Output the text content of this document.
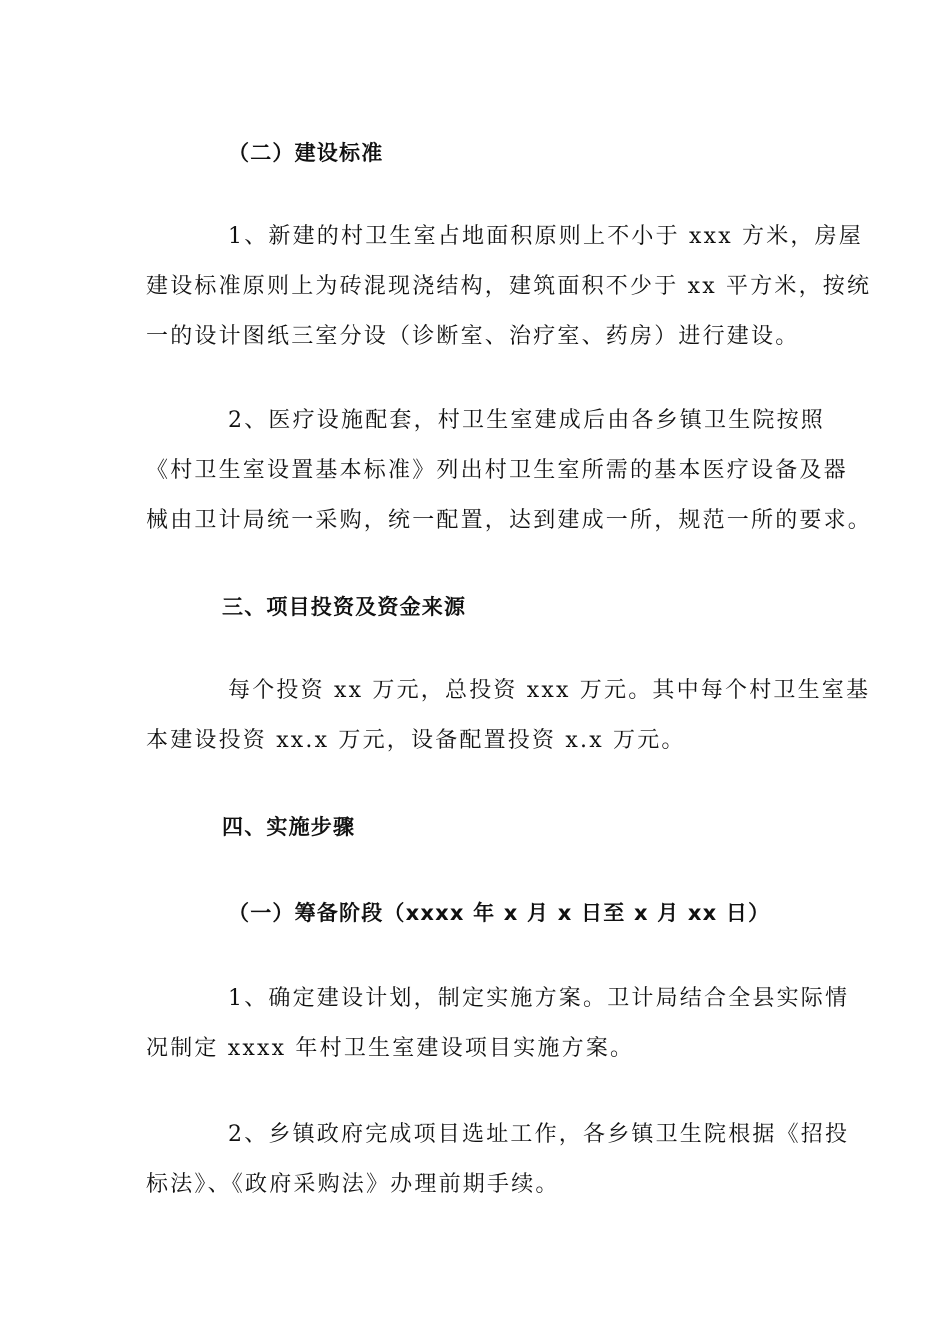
（二）建设标准
1、新建的村卫生室占地面积原则上不小于 xxx 方米，房屋
建设标准原则上为砖混现浇结构，建筑面积不少于 xx 平方米，按统
一的设计图纸三室分设（诊断室、治疗室、药房）进行建设。
2、医疗设施配套，村卫生室建成后由各乡镇卫生院按照
《村卫生室设置基本标准》列出村卫生室所需的基本医疗设备及器
械由卫计局统一采购，统一配置，达到建成一所，规范一所的要求。
三、项目投资及资金来源
每个投资 xx 万元，总投资 xxx 万元。其中每个村卫生室基
本建设投资 xx.x 万元，设备配置投资 x.x 万元。
四、实施步骤
（一）筹备阶段（xxxx 年 x 月 x 日至 x 月 xx 日）
1、确定建设计划，制定实施方案。卫计局结合全县实际情
况制定 xxxx 年村卫生室建设项目实施方案。
2、乡镇政府完成项目选址工作，各乡镇卫生院根据《招投
标法》、《政府采购法》办理前期手续。
